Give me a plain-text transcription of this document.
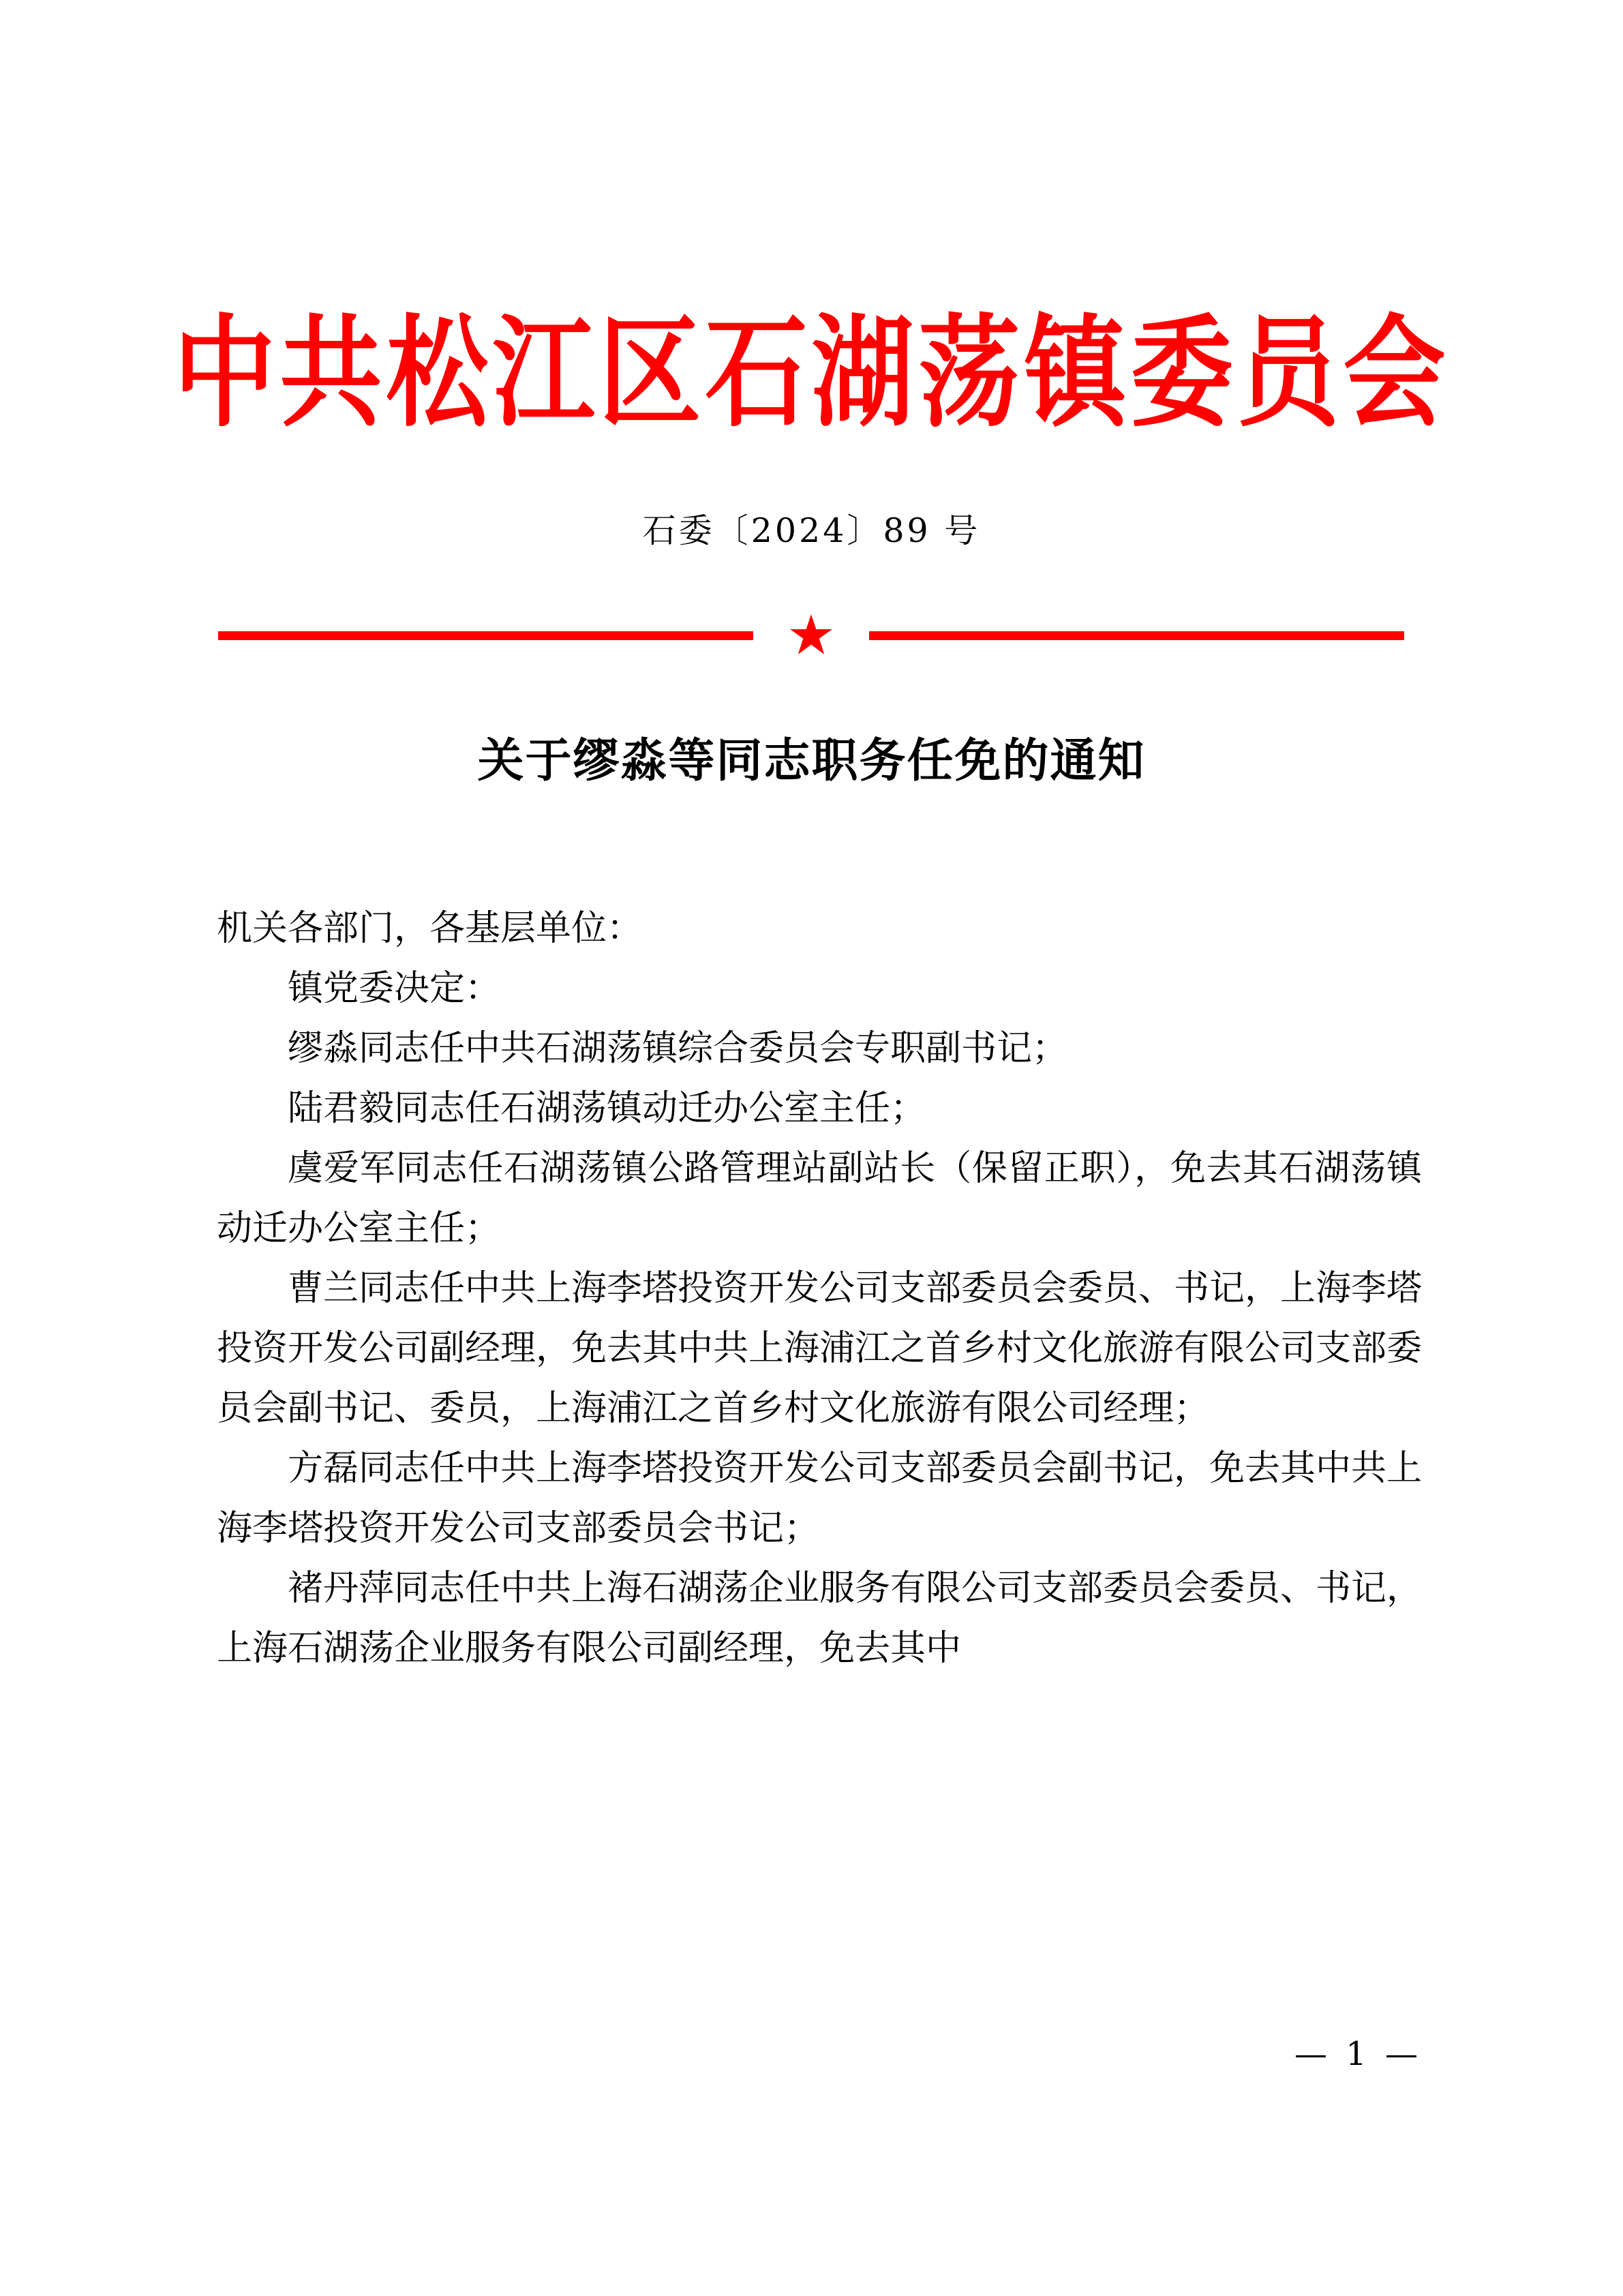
中共松江区石湖荡镇委员会
石委〔2024〕89 号
关于缪淼等同志职务任免的通知

机关各部门，各基层单位：

镇党委决定：

缪淼同志任中共石湖荡镇综合委员会专职副书记；

陆君毅同志任石湖荡镇动迁办公室主任；

虞爱军同志任石湖荡镇公路管理站副站长（保留正职），免去其石湖荡镇动迁办公室主任；

曹兰同志任中共上海李塔投资开发公司支部委员会委员、书记，上海李塔投资开发公司副经理，免去其中共上海浦江之首乡村文化旅游有限公司支部委员会副书记、委员，上海浦江之首乡村文化旅游有限公司经理；

方磊同志任中共上海李塔投资开发公司支部委员会副书记，免去其中共上海李塔投资开发公司支部委员会书记；

褚丹萍同志任中共上海石湖荡企业服务有限公司支部委员会委员、书记，上海石湖荡企业服务有限公司副经理，免去其中

— 1 —
